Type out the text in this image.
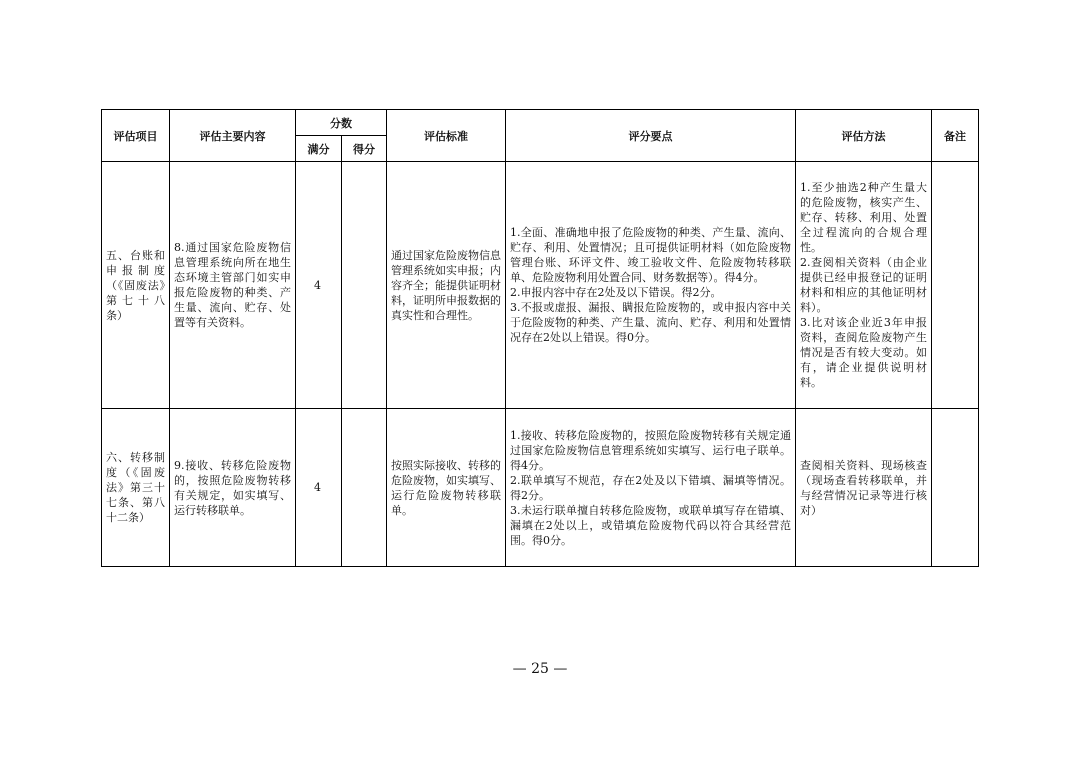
评估项目	评估主要内容	分数		评估标准	评分要点	评估方法	备注
		满分	得分				

五、台账和申报制度（《固废法》第七十八条）	8.通过国家危险废物信息管理系统向所在地生态环境主管部门如实申报危险废物的种类、产生量、流向、贮存、处置等有关资料。	4		通过国家危险废物信息管理系统如实申报；内容齐全；能提供证明材料，证明所申报数据的真实性和合理性。	1.全面、准确地申报了危险废物的种类、产生量、流向、贮存、利用、处置情况；且可提供证明材料（如危险废物管理台账、环评文件、竣工验收文件、危险废物转移联单、危险废物利用处置合同、财务数据等）。得4分。
2.申报内容中存在2处及以下错误。得2分。
3.不报或虚报、漏报、瞒报危险废物的，或申报内容中关于危险废物的种类、产生量、流向、贮存、利用和处置情况存在2处以上错误。得0分。	1.至少抽选2种产生量大的危险废物，核实产生、贮存、转移、利用、处置全过程流向的合规合理性。
2.查阅相关资料（由企业提供已经申报登记的证明材料和相应的其他证明材料）。
3.比对该企业近3年申报资料，查阅危险废物产生情况是否有较大变动。如有，请企业提供说明材料。	

六、转移制度（《固废法》第三十七条、第八十二条）	9.接收、转移危险废物的，按照危险废物转移有关规定，如实填写、运行转移联单。	4		按照实际接收、转移的危险废物，如实填写、运行危险废物转移联单。	1.接收、转移危险废物的，按照危险废物转移有关规定通过国家危险废物信息管理系统如实填写、运行电子联单。得4分。
2.联单填写不规范，存在2处及以下错填、漏填等情况。得2分。
3.未运行联单擅自转移危险废物，或联单填写存在错填、漏填在2处以上，或错填危险废物代码以符合其经营范围。得0分。	查阅相关资料、现场核查（现场查看转移联单，并与经营情况记录等进行核对）	

— 25 —
